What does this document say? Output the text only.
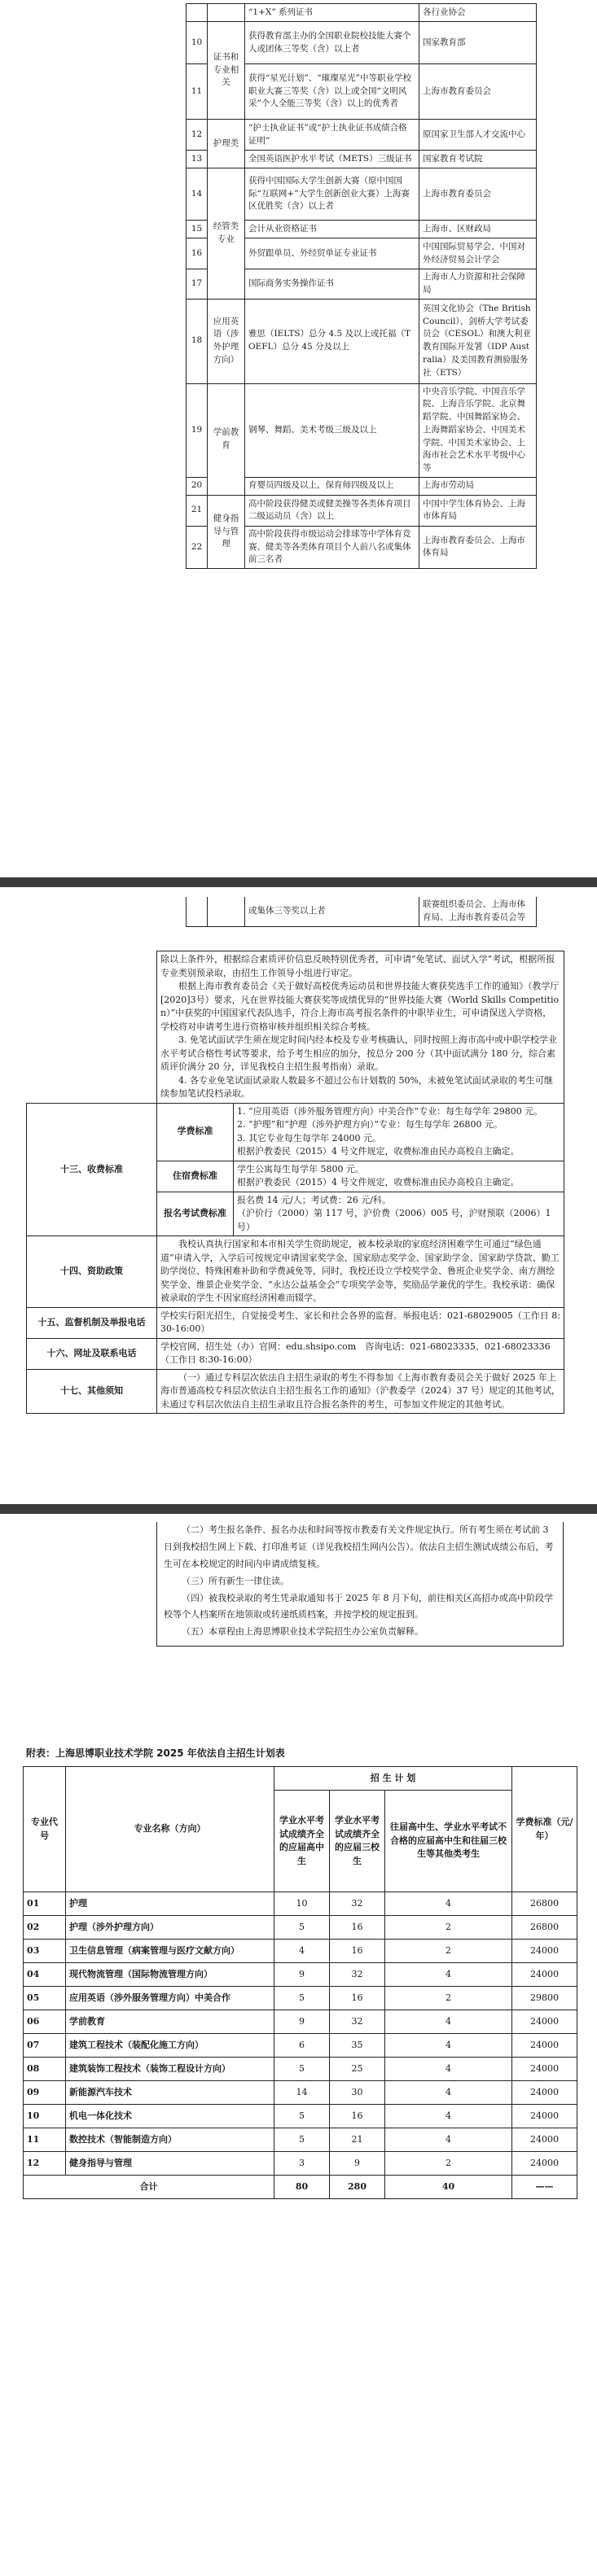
		“1+X” 系列证书	各行业协会
10	证书和专业相关	获得教育部主办的全国职业院校技能大赛个人或团体三等奖（含）以上者	国家教育部
11		获得“星光计划”、“璀璨星光”中等职业学校职业大赛三等奖（含）以上或全国“文明风采”个人全能三等奖（含）以上的优秀者	上海市教育委员会
12	护理类	“护士执业证书”或“护士执业证书成绩合格证明”	原国家卫生部人才交流中心
13		全国英语医护水平考试（METS）三级证书	国家教育考试院
14	经管类专业	获得中国国际大学生创新大赛（原中国国际“互联网+”大学生创新创业大赛）上海赛区优胜奖（含）以上者	上海市教育委员会
15		会计从业资格证书	上海市、区财政局
16		外贸跟单员、外经贸单证专业证书	中国国际贸易学会、中国对外经济贸易会计学会
17		国际商务实务操作证书	上海市人力资源和社会保障局
18	应用英语（涉外护理方向）	雅思（IELTS）总分 4.5 及以上或托福（TOEFL）总分 45 分及以上	英国文化协会（The British Council）、剑桥大学考试委员会（CESOL）和澳大利亚教育国际开发署（IDP Australia）及美国教育测验服务社（ETS）
19	学前教育	钢琴、舞蹈、美术考级三级及以上	中央音乐学院、中国音乐学院、上海音乐学院、北京舞蹈学院、中国舞蹈家协会、上海舞蹈家协会、中国美术学院、中国美术家协会、上海市社会艺术水平考级中心等
20		育婴员四级及以上，保育师四级及以上	上海市劳动局
21	健身指导与管理	高中阶段获得健美或健美操等各类体育项目二级运动员（含）以上	中国中学生体育协会、上海市体育局
22		高中阶段获得市级运动会排球等中学体育竞赛、健美等各类体育项目个人前八名或集体前三名者	上海市教育委员会、上海市体育局
		或集体三等奖以上者	联赛组织委员会、上海市体育局、上海市教育委员会等

	除以上条件外，根据综合素质评价信息反映特别优秀者，可申请“免笔试、面试入学”考试，根据所报专业类别预录取，由招生工作领导小组进行审定。
根据上海市教育委员会《关于做好高校优秀运动员和世界技能大赛获奖选手工作的通知》（教学厅[2020]3号）要求，凡在世界技能大赛获奖等成绩优异的“世界技能大赛（World Skills Competition）”中获奖的中国国家代表队选手，符合上海市高考报名条件的中职毕业生，可申请保送入学资格，学校将对申请考生进行资格审核并组织相关综合考核。
3. 免笔试面试学生须在规定时间内经本校及专业考核确认，同时按照上海市高中或中职学校学业水平考试合格性考试等要求，给予考生相应的加分，按总分 200 分（其中面试满分 180 分，综合素质评价满分 20 分，详见我校自主招生报考指南）录取。
4. 各专业免笔试面试录取人数最多不超过公布计划数的 50%，未被免笔试面试录取的考生可继续参加笔试投档录取。	

十三、收费标准	学费标准	1. “应用英语（涉外服务管理方向）中美合作”专业：每生每学年 29800 元。
2. “护理”和“护理（涉外护理方向）”专业：每生每学年 26800 元。
3. 其它专业每生每学年 24000 元。
根据沪教委民（2015）4 号文件规定，收费标准由民办高校自主确定。

	住宿费标准	学生公寓每生每学年 5800 元。
根据沪教委民（2015）4 号文件规定，收费标准由民办高校自主确定。

	报名考试费标准	报名费 14 元/人；考试费：26 元/科。
（沪价行（2000）第 117 号，沪价费（2006）005 号，沪财预联（2006）1 号）

十四、资助政策	我校认真执行国家和本市相关学生资助规定，被本校录取的家庭经济困难学生可通过“绿色通道”申请入学，入学后可按规定申请国家奖学金、国家励志奖学金、国家助学金、国家助学贷款、勤工助学岗位、特殊困难补助和学费减免等，同时，我校还设立学校奖学金、鲁班企业奖学金、南方测绘奖学金、维景企业奖学金、“永达公益基金会”专项奖学金等，奖励品学兼优的学生。我校承诺：确保被录取的学生不因家庭经济困难而辍学。	
十五、监督机制及举报电话	学校实行阳光招生，自觉接受考生、家长和社会各界的监督。举报电话：021-68029005（工作日 8:30-16:00）	
十六、网址及联系电话	学校官网、招生处（办）官网：edu.shsipo.com　咨询电话：021-68023335、021-68023336（工作日 8:30-16:00）	
十七、其他须知	（一）通过专科层次依法自主招生录取的考生不得参加《上海市教育委员会关于做好 2025 年上海市普通高校专科层次依法自主招生报名工作的通知》（沪教委学（2024）37 号）规定的其他考试，未通过专科层次依法自主招生录取且符合报名条件的考生，可参加文件规定的其他考试。	

（二）考生报名条件、报名办法和时间等按市教委有关文件规定执行。所有考生须在考试前 3 日到我校招生网上下载、打印准考证（详见我校招生网内公告）。依法自主招生测试成绩公布后，考生可在本校规定的时间内申请成绩复核。

（三）所有新生一律住读。

（四）被我校录取的考生凭录取通知书于 2025 年 8 月下旬，前往相关区高招办或高中阶段学校等个人档案所在地领取或转递纸质档案，并按学校的规定报到。

（五）本章程由上海思博职业技术学院招生办公室负责解释。

附表：上海思博职业技术学院 2025 年依法自主招生计划表
专业代号	专业名称（方向）	招 生 计 划			学费标准（元/年）
		学业水平考试成绩齐全的应届高中生	学业水平考试成绩齐全的应届三校生	往届高中生、学业水平考试不合格的应届高中生和往届三校生等其他类考生	
01	护理	10	32	4	26800
02	护理（涉外护理方向）	5	16	2	26800
03	卫生信息管理（病案管理与医疗文献方向）	4	16	2	24000
04	现代物流管理（国际物流管理方向）	9	32	4	24000
05	应用英语（涉外服务管理方向）中美合作	5	16	2	29800
06	学前教育	9	32	4	24000
07	建筑工程技术（装配化施工方向）	6	35	4	24000
08	建筑装饰工程技术（装饰工程设计方向）	5	25	4	24000
09	新能源汽车技术	14	30	4	24000
10	机电一体化技术	5	16	4	24000
11	数控技术（智能制造方向）	5	21	4	24000
12	健身指导与管理	3	9	2	24000
合计		80	280	40	——
